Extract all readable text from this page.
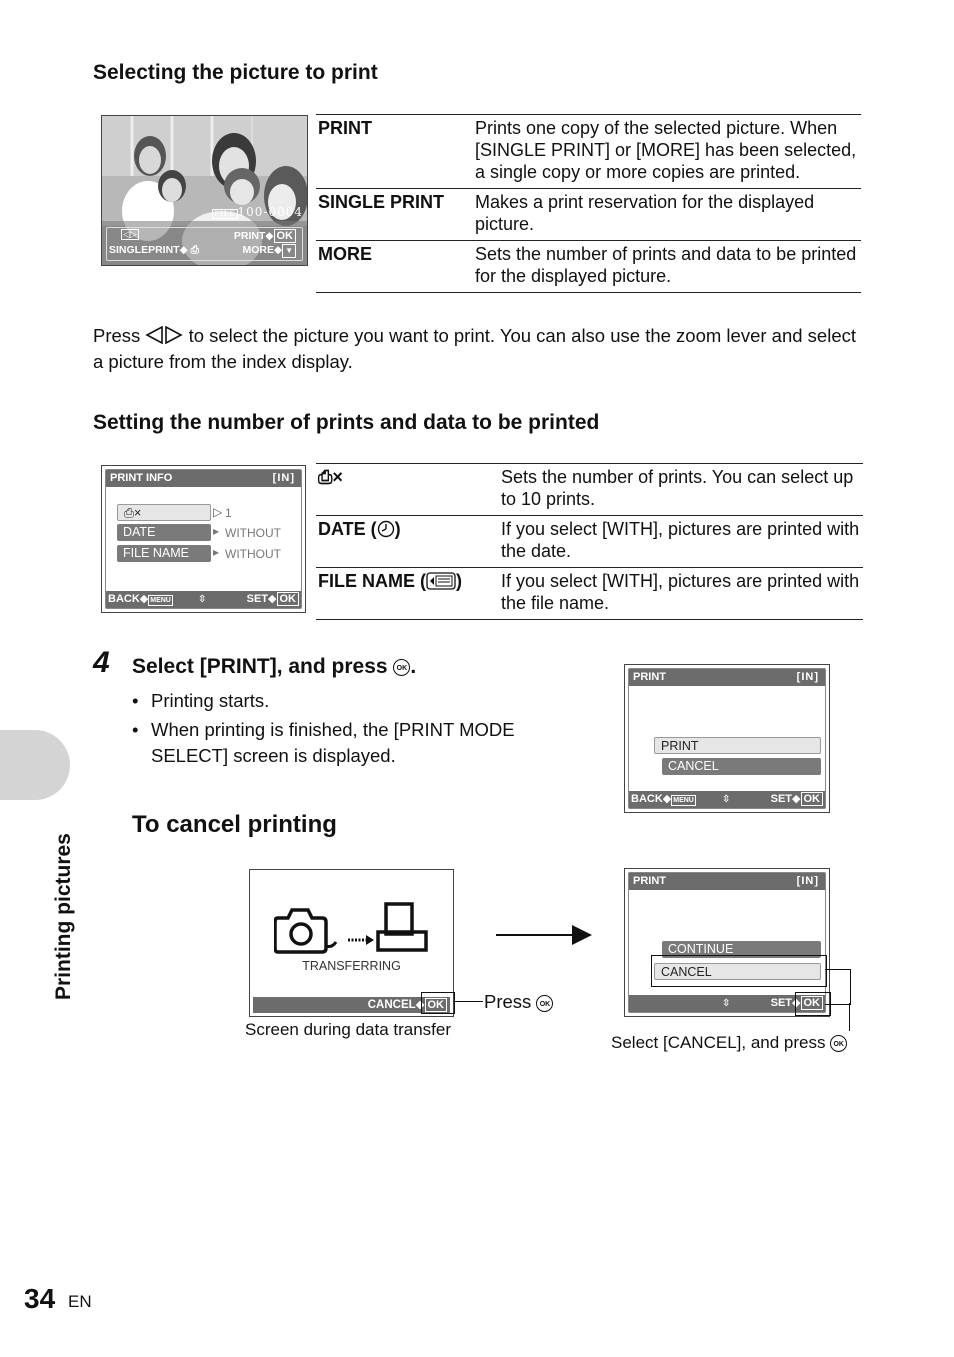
Selecting the picture to print
FILE 100-0004
◁▷	PRINT◆ OK
SINGLEPRINT◆ ⎙	MORE◆ ▼
PRINT	Prints one copy of the selected picture. When [SINGLE PRINT] or [MORE] has been selected, a single copy or more copies are printed.
SINGLE PRINT	Makes a print reservation for the displayed picture.
MORE	Sets the number of prints and data to be printed for the displayed picture.
Press	to select the picture you want to print. You can also use the zoom lever and select a picture from the index display.
Setting the number of prints and data to be printed
PRINT INFO	[IN]
⎙×	▷ 1
DATE	▸ WITHOUT
FILE NAME	▸ WITHOUT
BACK◆ MENU	⇳	SET◆ OK
⎙×	Sets the number of prints. You can select up to 10 prints.
DATE ( )	If you select [WITH], pictures are printed with the date.
FILE NAME ( )	If you select [WITH], pictures are printed with the file name.
4 Select [PRINT], and press OK .
• Printing starts.
• When printing is finished, the [PRINT MODE SELECT] screen is displayed.
PRINT	[IN]
PRINT
CANCEL
BACK◆ MENU	⇳	SET◆ OK
To cancel printing
TRANSFERRING
CANCEL◆ OK	Press OK
Screen during data transfer
PRINT	[IN]
CONTINUE
CANCEL
⇳	SET◆ OK
Select [CANCEL], and press OK
Printing pictures
34 EN
